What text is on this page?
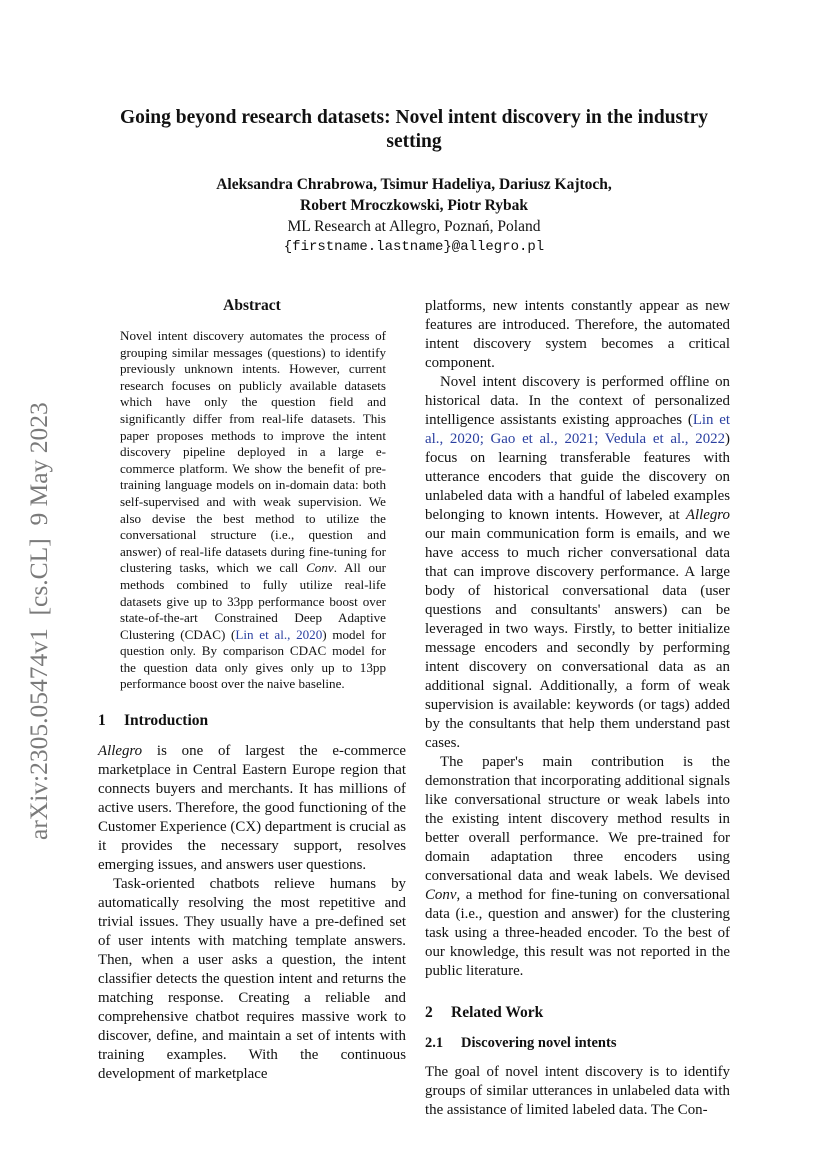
Going beyond research datasets: Novel intent discovery in the industry setting
Aleksandra Chrabrowa, Tsimur Hadeliya, Dariusz Kajtoch,
Robert Mroczkowski, Piotr Rybak
ML Research at Allegro, Poznań, Poland
{firstname.lastname}@allegro.pl
arXiv:2305.05474v1  [cs.CL]  9 May 2023
Abstract
Novel intent discovery automates the process of grouping similar messages (questions) to identify previously unknown intents. However, current research focuses on publicly available datasets which have only the question field and significantly differ from real-life datasets. This paper proposes methods to improve the intent discovery pipeline deployed in a large e-commerce platform. We show the benefit of pre-training language models on in-domain data: both self-supervised and with weak supervision. We also devise the best method to utilize the conversational structure (i.e., question and answer) of real-life datasets during fine-tuning for clustering tasks, which we call Conv. All our methods combined to fully utilize real-life datasets give up to 33pp performance boost over state-of-the-art Constrained Deep Adaptive Clustering (CDAC) (Lin et al., 2020) model for question only. By comparison CDAC model for the question data only gives only up to 13pp performance boost over the naive baseline.
1 Introduction

Allegro is one of largest the e-commerce marketplace in Central Eastern Europe region that connects buyers and merchants. It has millions of active users. Therefore, the good functioning of the Customer Experience (CX) department is crucial as it provides the necessary support, resolves emerging issues, and answers user questions.

Task-oriented chatbots relieve humans by automatically resolving the most repetitive and trivial issues. They usually have a pre-defined set of user intents with matching template answers. Then, when a user asks a question, the intent classifier detects the question intent and returns the matching response. Creating a reliable and comprehensive chatbot requires massive work to discover, define, and maintain a set of intents with training examples. With the continuous development of marketplace

platforms, new intents constantly appear as new features are introduced. Therefore, the automated intent discovery system becomes a critical component.

Novel intent discovery is performed offline on historical data. In the context of personalized intelligence assistants existing approaches (Lin et al., 2020; Gao et al., 2021; Vedula et al., 2022) focus on learning transferable features with utterance encoders that guide the discovery on unlabeled data with a handful of labeled examples belonging to known intents. However, at Allegro our main communication form is emails, and we have access to much richer conversational data that can improve discovery performance. A large body of historical conversational data (user questions and consultants' answers) can be leveraged in two ways. Firstly, to better initialize message encoders and secondly by performing intent discovery on conversational data as an additional signal. Additionally, a form of weak supervision is available: keywords (or tags) added by the consultants that help them understand past cases.

The paper's main contribution is the demonstration that incorporating additional signals like conversational structure or weak labels into the existing intent discovery method results in better overall performance. We pre-trained for domain adaptation three encoders using conversational data and weak labels. We devised Conv, a method for fine-tuning on conversational data (i.e., question and answer) for the clustering task using a three-headed encoder. To the best of our knowledge, this result was not reported in the public literature.

2 Related Work
2.1 Discovering novel intents

The goal of novel intent discovery is to identify groups of similar utterances in unlabeled data with the assistance of limited labeled data. The Con-
